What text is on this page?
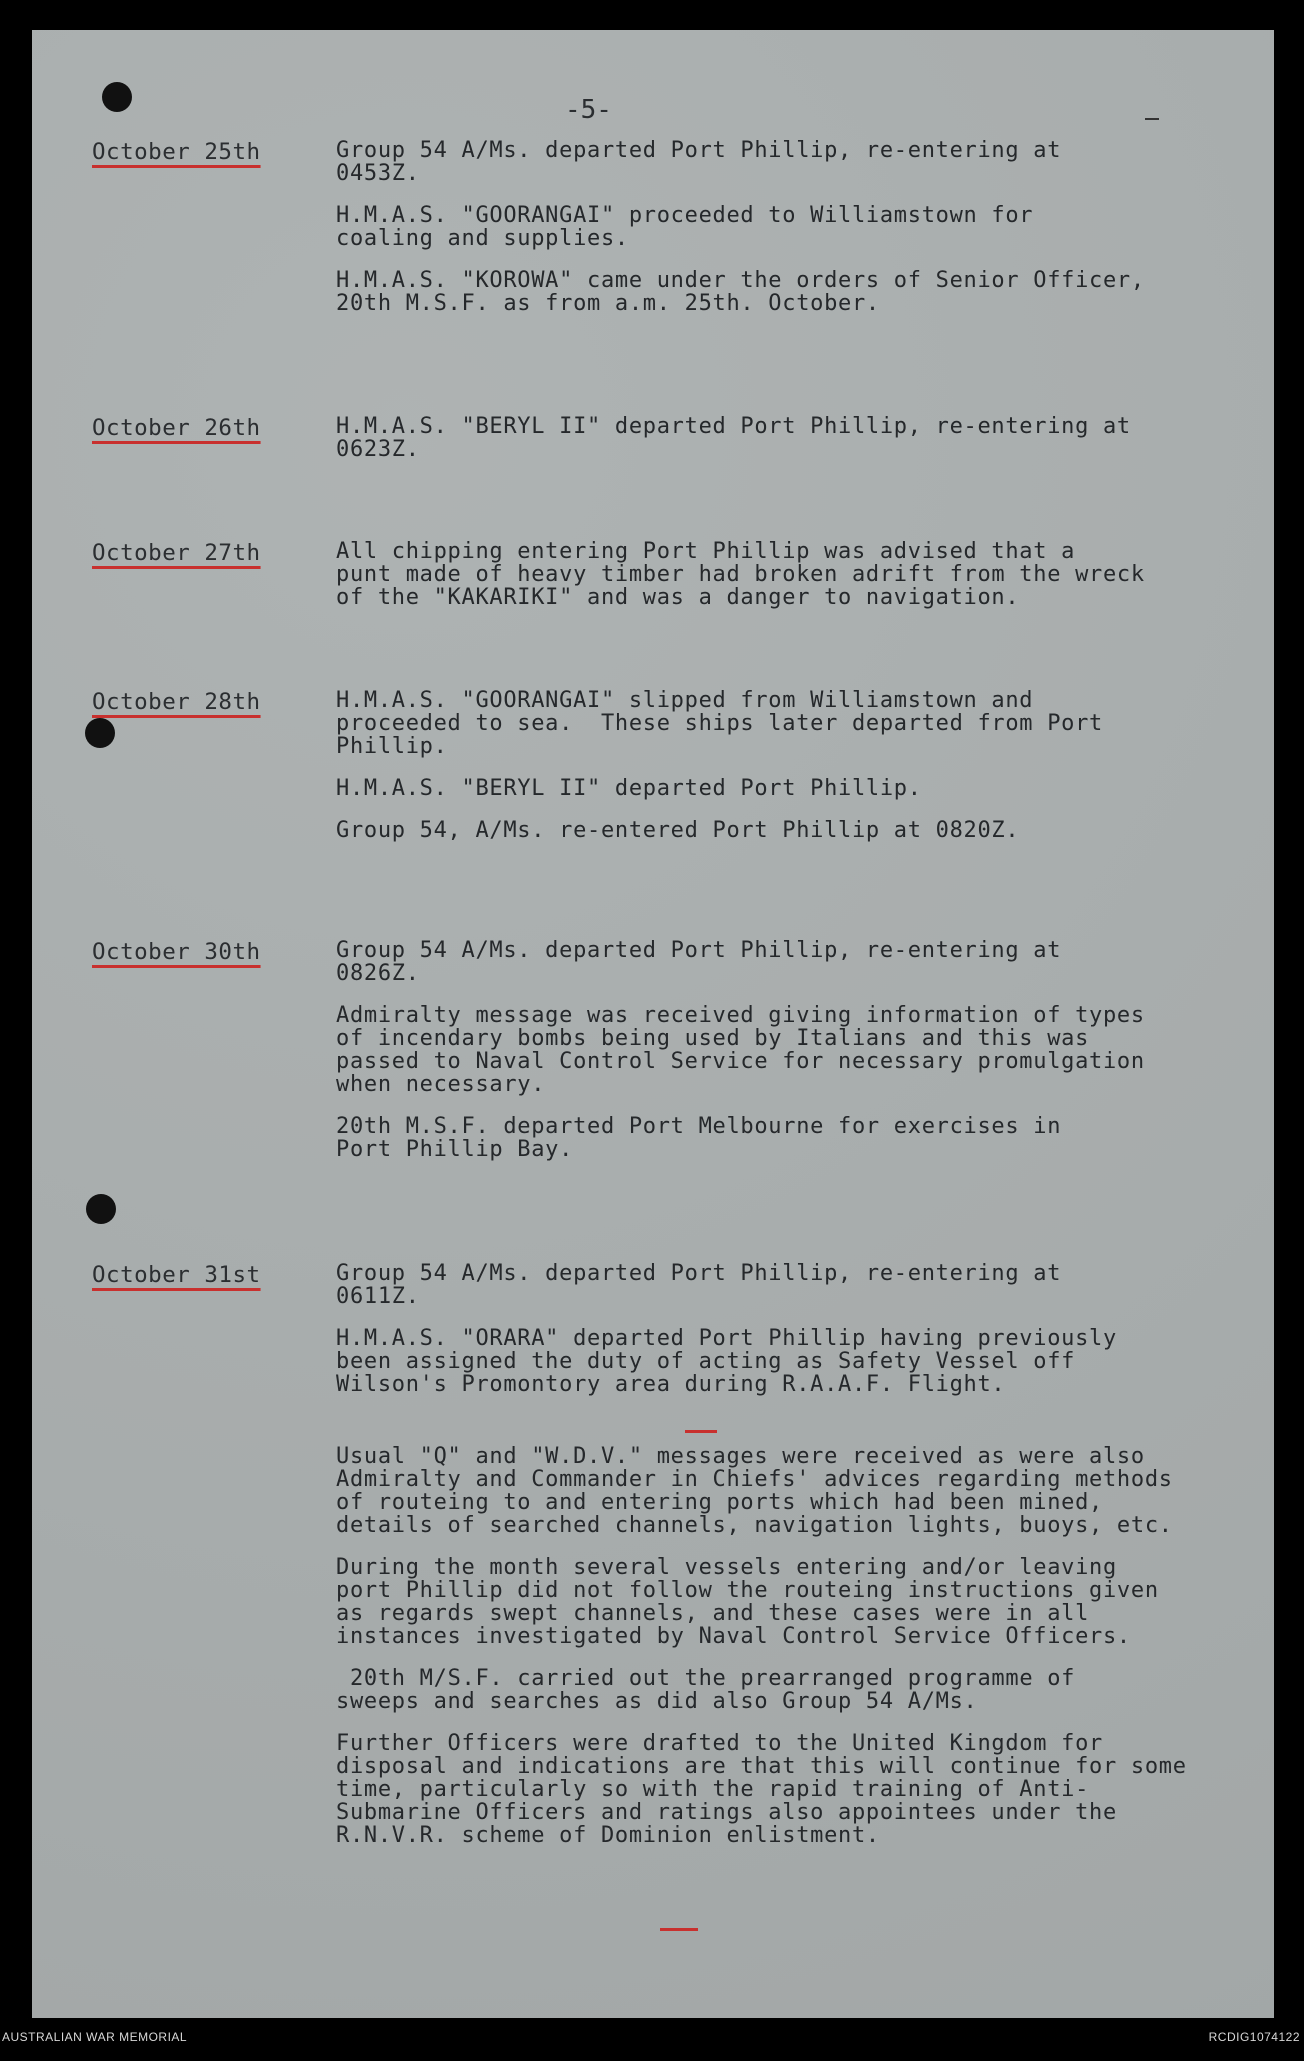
-5-
October 25th	Group 54 A/Ms. departed Port Phillip, re-entering at
0453Z.

H.M.A.S. "GOORANGAI" proceeded to Williamstown for
coaling and supplies.

H.M.A.S. "KOROWA" came under the orders of Senior Officer,
20th M.S.F. as from a.m. 25th. October.

October 26th	H.M.A.S. "BERYL II" departed Port Phillip, re-entering at
0623Z.

October 27th	All chipping entering Port Phillip was advised that a
punt made of heavy timber had broken adrift from the wreck
of the "KAKARIKI" and was a danger to navigation.

October 28th	H.M.A.S. "GOORANGAI" slipped from Williamstown and
proceeded to sea.  These ships later departed from Port
Phillip.

H.M.A.S. "BERYL II" departed Port Phillip.

Group 54, A/Ms. re-entered Port Phillip at 0820Z.

October 30th	Group 54 A/Ms. departed Port Phillip, re-entering at
0826Z.

Admiralty message was received giving information of types
of incendary bombs being used by Italians and this was
passed to Naval Control Service for necessary promulgation
when necessary.

20th M.S.F. departed Port Melbourne for exercises in
Port Phillip Bay.

October 31st	Group 54 A/Ms. departed Port Phillip, re-entering at
0611Z.

H.M.A.S. "ORARA" departed Port Phillip having previously
been assigned the duty of acting as Safety Vessel off
Wilson's Promontory area during R.A.A.F. Flight.

Usual "Q" and "W.D.V." messages were received as were also
Admiralty and Commander in Chiefs' advices regarding methods
of routeing to and entering ports which had been mined,
details of searched channels, navigation lights, buoys, etc.

During the month several vessels entering and/or leaving
port Phillip did not follow the routeing instructions given
as regards swept channels, and these cases were in all
instances investigated by Naval Control Service Officers.

20th M/S.F. carried out the prearranged programme of
sweeps and searches as did also Group 54 A/Ms.

Further Officers were drafted to the United Kingdom for
disposal and indications are that this will continue for some
time, particularly so with the rapid training of Anti-
Submarine Officers and ratings also appointees under the
R.N.V.R. scheme of Dominion enlistment.

AUSTRALIAN WAR MEMORIAL	RCDIG1074122
